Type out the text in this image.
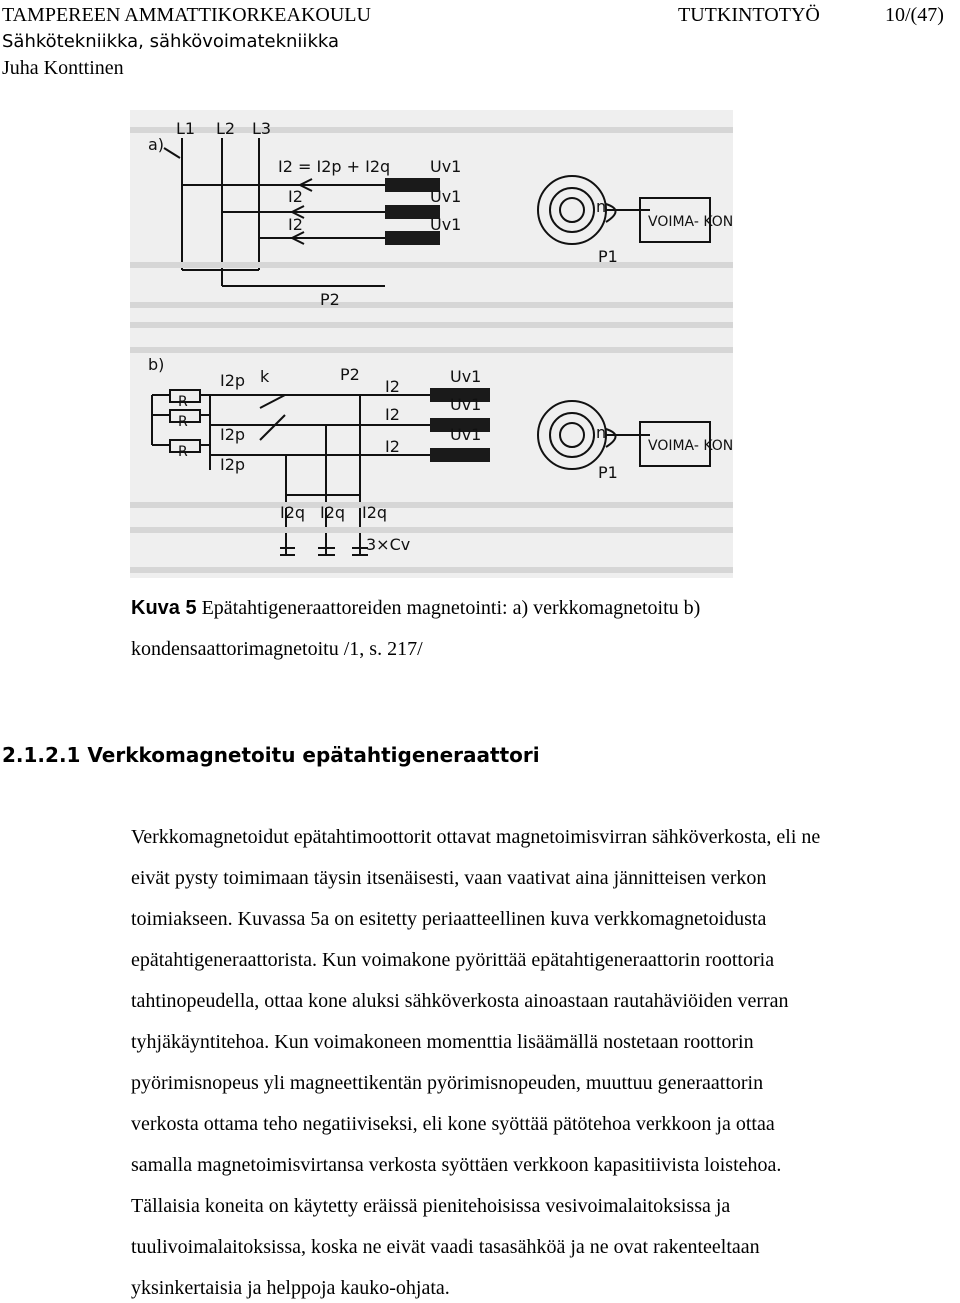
TAMPEREEN AMMATTIKORKEAKOULU	TUTKINTOTYÖ	10/(47)
Sähkötekniikka, sähkövoimatekniikka
Juha Konttinen
a)
L1 L2 L3
I2 = I2p + I2q
I2
I2
Uv1
Uv1
Uv1
P2
n
P1
VOIMA- KONE
b)
I2p
I2p
I2p
k	P2
I2
I2
I2
Uv1
Uv1
Uv1
R
R
R
I2q I2q I2q
3×Cv
n
P1
VOIMA- KONE
Kuva 5 Epätahtigeneraattoreiden magnetointi: a) verkkomagnetoitu b)
kondensaattorimagnetoitu /1, s. 217/
2.1.2.1 Verkkomagnetoitu epätahtigeneraattori
Verkkomagnetoidut epätahtimoottorit ottavat magnetoimisvirran sähköverkosta, eli ne
eivät pysty toimimaan täysin itsenäisesti, vaan vaativat aina jännitteisen verkon
toimiakseen. Kuvassa 5a on esitetty periaatteellinen kuva verkkomagnetoidusta
epätahtigeneraattorista. Kun voimakone pyörittää epätahtigeneraattorin roottoria
tahtinopeudella, ottaa kone aluksi sähköverkosta ainoastaan rautahäviöiden verran
tyhjäkäyntitehoa. Kun voimakoneen momenttia lisäämällä nostetaan roottorin
pyörimisnopeus yli magneettikentän pyörimisnopeuden, muuttuu generaattorin
verkosta ottama teho negatiiviseksi, eli kone syöttää pätötehoa verkkoon ja ottaa
samalla magnetoimisvirtansa verkosta syöttäen verkkoon kapasitiivista loistehoa.
Tällaisia koneita on käytetty eräissä pienitehoisissa vesivoimalaitoksissa ja
tuulivoimalaitoksissa, koska ne eivät vaadi tasasähköä ja ne ovat rakenteeltaan
yksinkertaisia ja helppoja kauko-ohjata.
